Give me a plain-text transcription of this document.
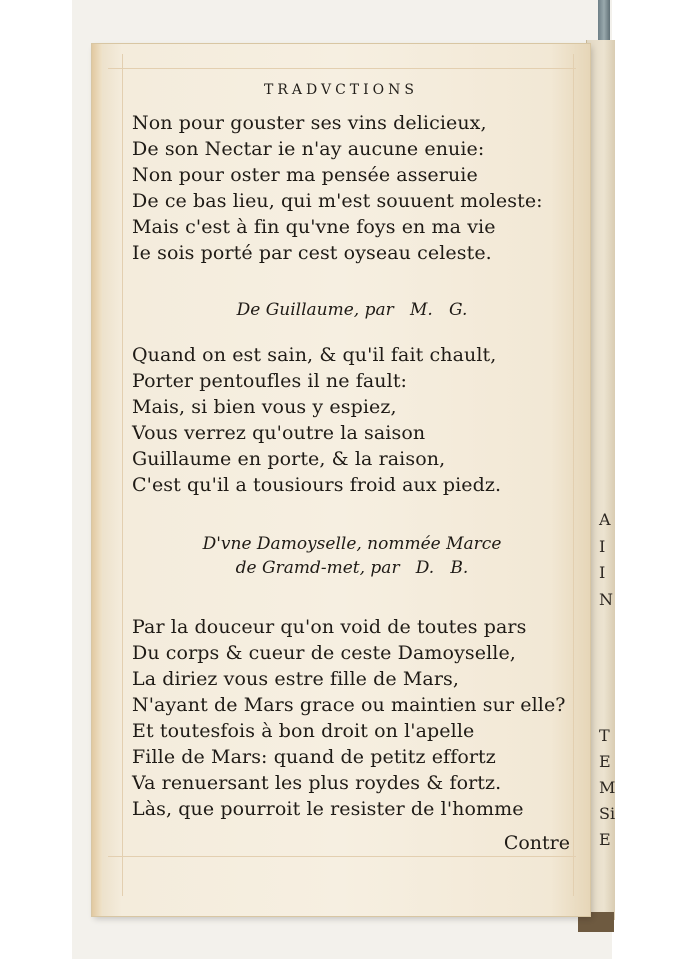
A
I
I
N
T
E
M
Si
E
TRADVCTIONS

Non pour gouster ses vins delicieux,

De son Nectar ie n'ay aucune enuie:

Non pour oster ma pensée asseruie

De ce bas lieu, qui m'est souuent moleste:

Mais c'est à fin qu'vne foys en ma vie

Ie sois porté par cest oyseau celeste.

De Guillaume, par   M.   G.

Quand on est sain, & qu'il fait chault,

Porter pentoufles il ne fault:

Mais, si bien vous y espiez,

Vous verrez qu'outre la saison

Guillaume en porte, & la raison,

C'est qu'il a tousiours froid aux piedz.

D'vne Damoyselle, nommée Marce

de Gramd-met, par   D.   B.

Par la douceur qu'on void de toutes pars

Du corps & cueur de ceste Damoyselle,

La diriez vous estre fille de Mars,

N'ayant de Mars grace ou maintien sur elle?

Et toutesfois à bon droit on l'apelle

Fille de Mars: quand de petitz effortz

Va renuersant les plus roydes & fortz.

Làs, que pourroit le resister de l'homme

Contre
